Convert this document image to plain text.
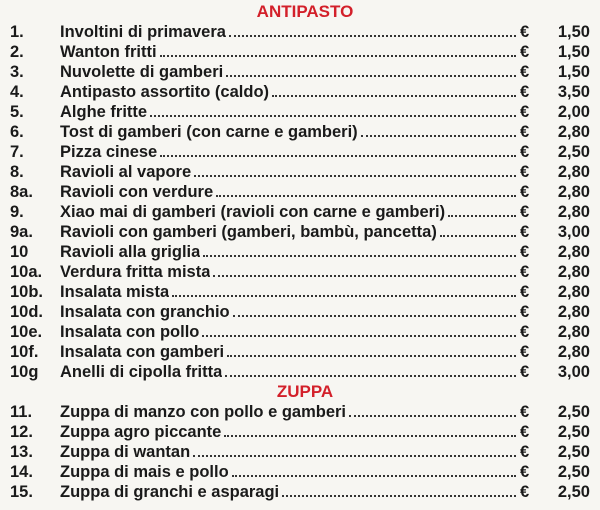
ANTIPASTO
1.	Involtini di primavera	€ 1,50
2.	Wanton fritti	€ 1,50
3.	Nuvolette di gamberi	€ 1,50
4.	Antipasto assortito (caldo)	€ 3,50
5.	Alghe fritte	€ 2,00
6.	Tost di gamberi (con carne e gamberi)	€ 2,80
7.	Pizza cinese	€ 2,50
8.	Ravioli al vapore	€ 2,80
8a.	Ravioli con verdure	€ 2,80
9.	Xiao mai di gamberi (ravioli con carne e gamberi)	€ 2,80
9a.	Ravioli con gamberi (gamberi, bambù, pancetta)	€ 3,00
10	Ravioli alla griglia	€ 2,80
10a.	Verdura fritta mista	€ 2,80
10b.	Insalata mista	€ 2,80
10d.	Insalata con granchio	€ 2,80
10e.	Insalata con pollo	€ 2,80
10f.	Insalata con gamberi	€ 2,80
10g	Anelli di cipolla fritta	€ 3,00
ZUPPA
11.	Zuppa di manzo con pollo e gamberi	€ 2,50
12.	Zuppa agro piccante	€ 2,50
13.	Zuppa di wantan	€ 2,50
14.	Zuppa di mais e pollo	€ 2,50
15.	Zuppa di granchi e asparagi	€ 2,50
